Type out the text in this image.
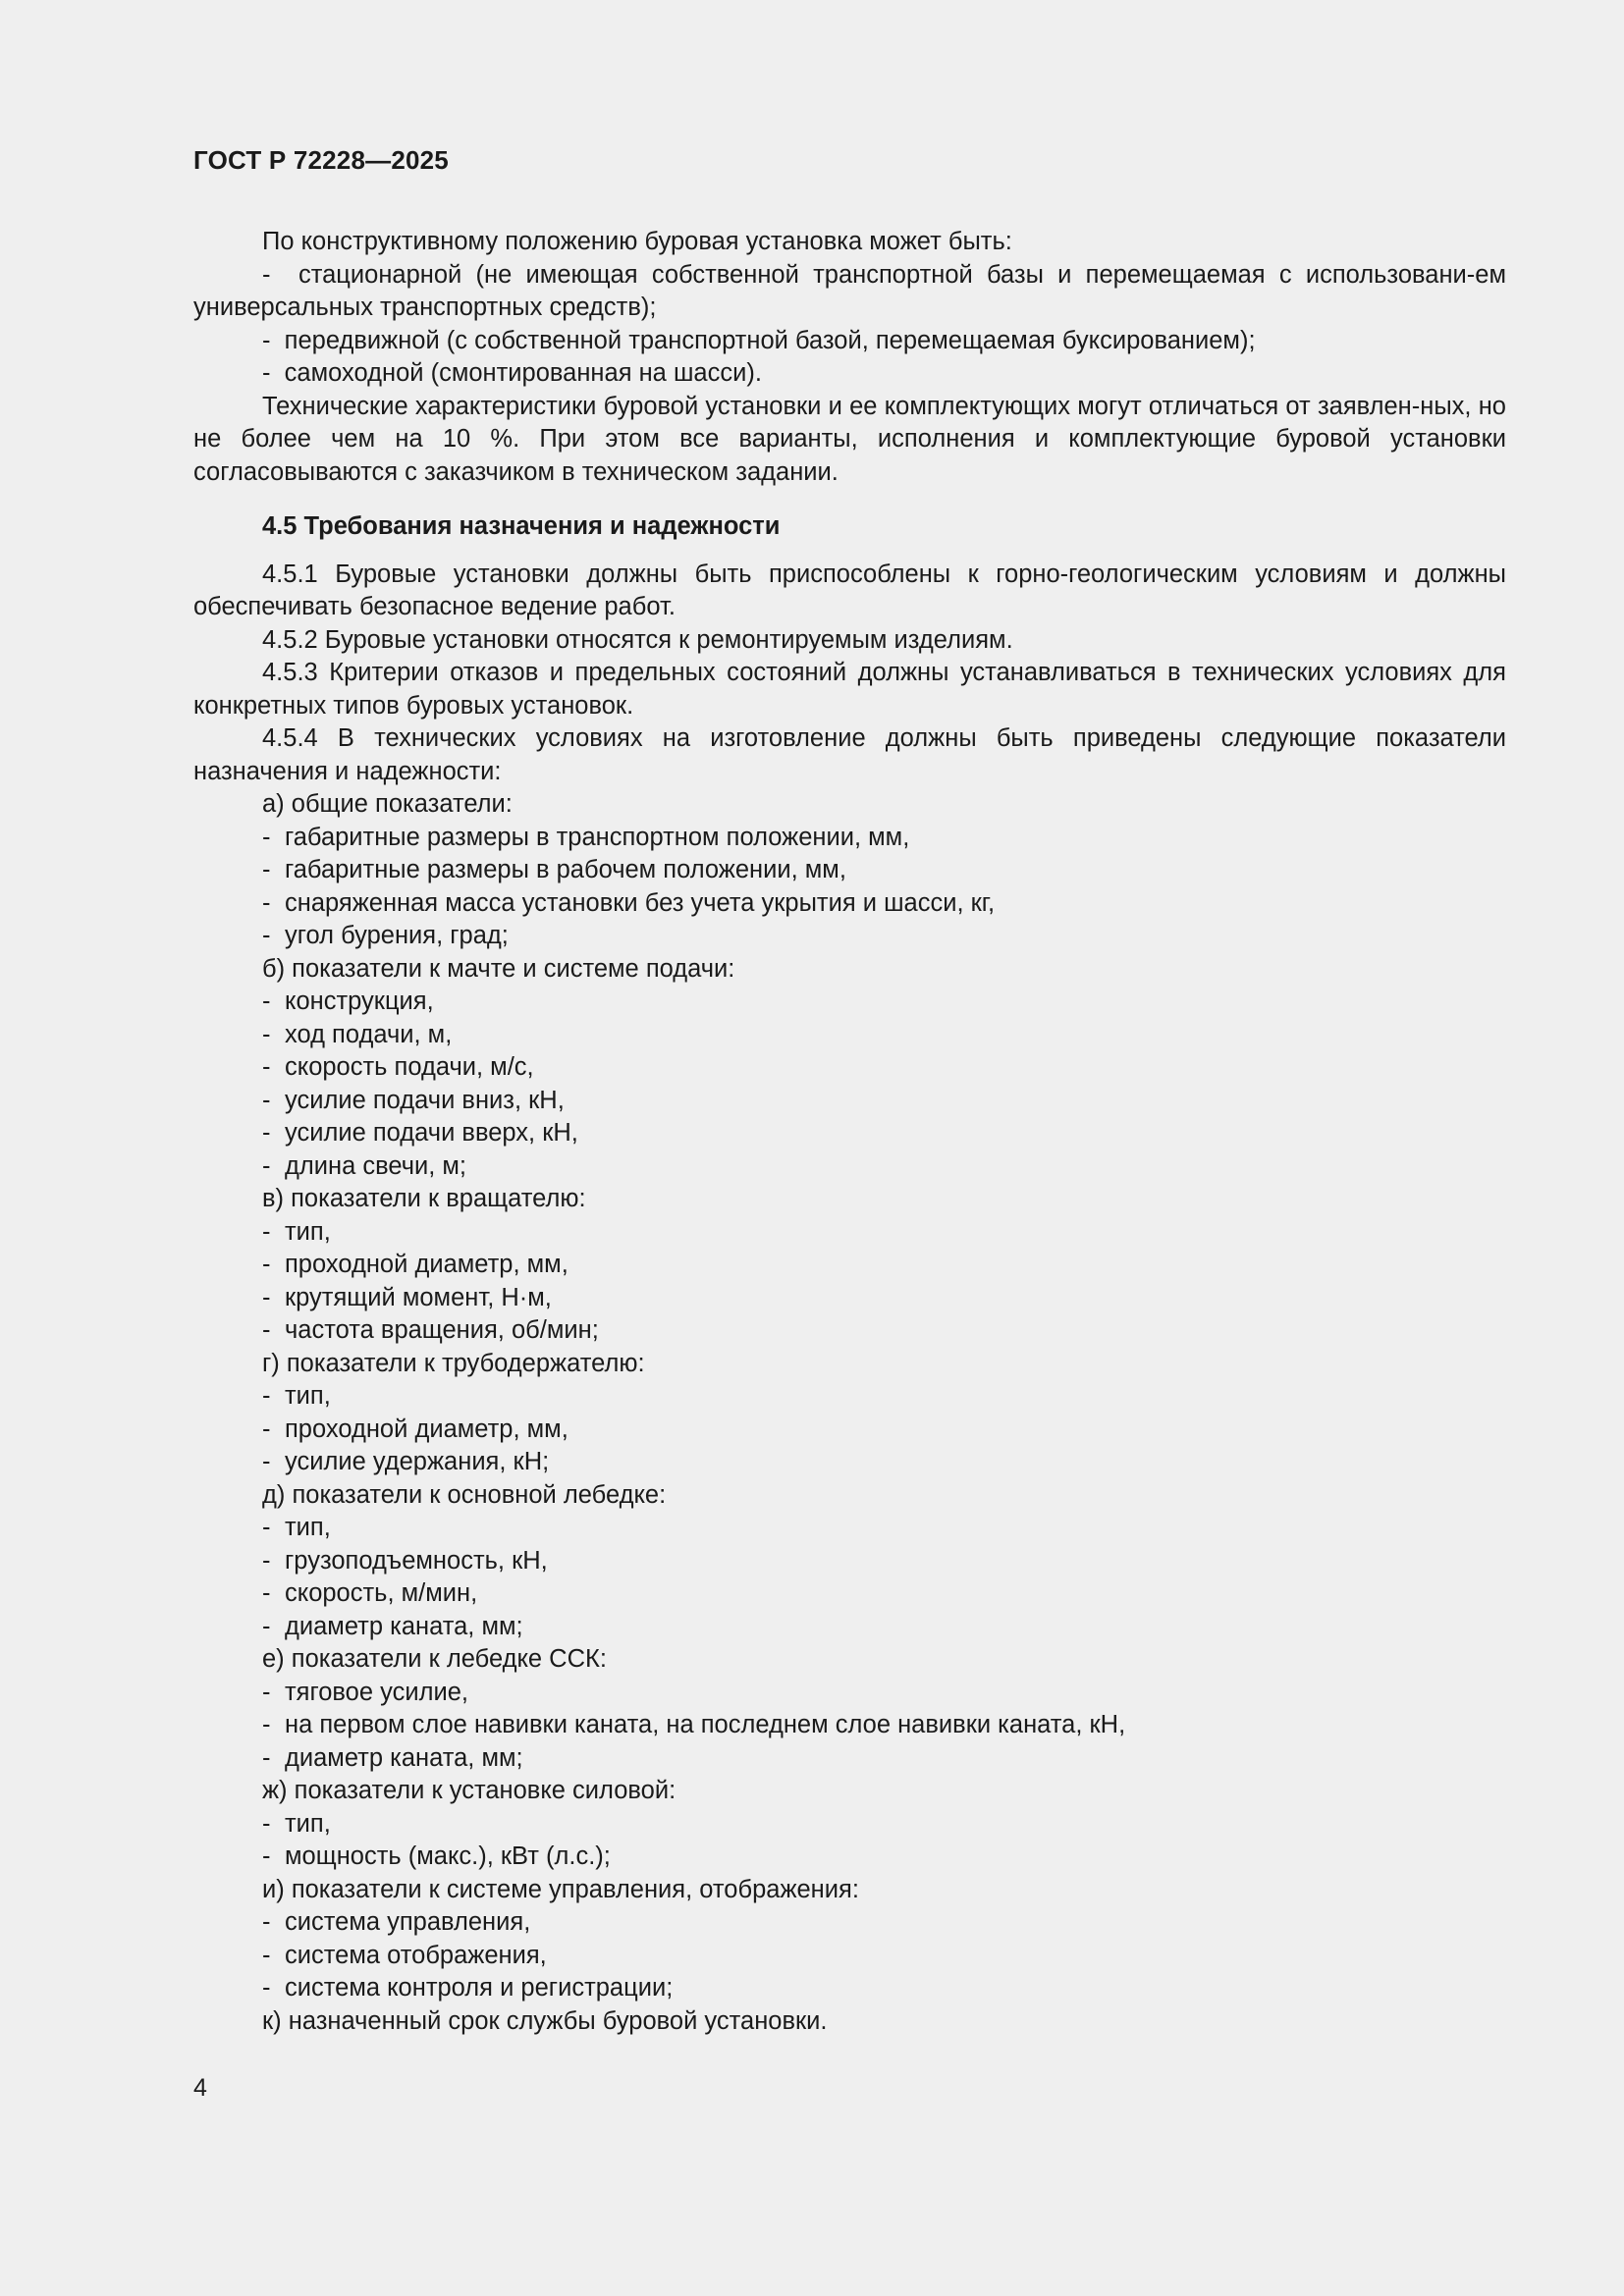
ГОСТ Р 72228—2025

По конструктивному положению буровая установка может быть:

-  стационарной (не имеющая собственной транспортной базы и перемещаемая с использовани-ем универсальных транспортных средств);

-  передвижной (с собственной транспортной базой, перемещаемая буксированием);

-  самоходной (смонтированная на шасси).

Технические характеристики буровой установки и ее комплектующих могут отличаться от заявлен-ных, но не более чем на 10 %. При этом все варианты, исполнения и комплектующие буровой установки согласовываются с заказчиком в техническом задании.

4.5 Требования назначения и надежности

4.5.1 Буровые установки должны быть приспособлены к горно-геологическим условиям и должны обеспечивать безопасное ведение работ.

4.5.2 Буровые установки относятся к ремонтируемым изделиям.

4.5.3 Критерии отказов и предельных состояний должны устанавливаться в технических условиях для конкретных типов буровых установок.

4.5.4 В технических условиях на изготовление должны быть приведены следующие показатели назначения и надежности:

а) общие показатели:

- габаритные размеры в транспортном положении, мм,

- габаритные размеры в рабочем положении, мм,

- снаряженная масса установки без учета укрытия и шасси, кг,

- угол бурения, град;

б) показатели к мачте и системе подачи:

- конструкция,

- ход подачи, м,

- скорость подачи, м/с,

- усилие подачи вниз, кН,

- усилие подачи вверх, кН,

- длина свечи, м;

в) показатели к вращателю:

- тип,

- проходной диаметр, мм,

- крутящий момент, Н·м,

- частота вращения, об/мин;

г) показатели к трубодержателю:

- тип,

- проходной диаметр, мм,

- усилие удержания, кН;

д) показатели к основной лебедке:

- тип,

- грузоподъемность, кН,

- скорость, м/мин,

- диаметр каната, мм;

е) показатели к лебедке ССК:

- тяговое усилие,

- на первом слое навивки каната, на последнем слое навивки каната, кН,

- диаметр каната, мм;

ж) показатели к установке силовой:

- тип,

- мощность (макс.), кВт (л.с.);

и) показатели к системе управления, отображения:

- система управления,

- система отображения,

- система контроля и регистрации;

к) назначенный срок службы буровой установки.

4
